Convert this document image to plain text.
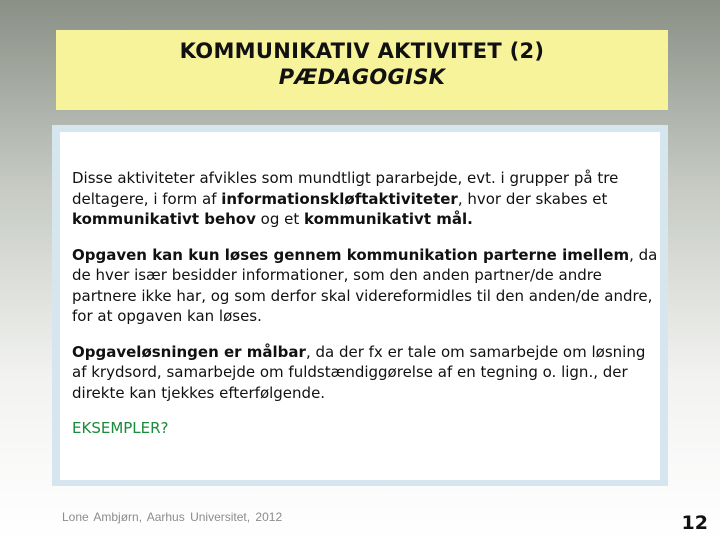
KOMMUNIKATIV AKTIVITET (2)
PÆDAGOGISK

Disse aktiviteter afvikles som mundtligt pararbejde, evt. i grupper på tre deltagere, i form af informationskløftaktiviteter, hvor der skabes et kommunikativt behov og et kommunikativt mål.

Opgaven kan kun løses gennem kommunikation parterne imellem, da de hver især besidder informationer, som den anden partner/de andre partnere ikke har, og som derfor skal videreformidles til den anden/de andre, for at opgaven kan løses.

Opgaveløsningen er målbar, da der fx er tale om samarbejde om løsning af krydsord, samarbejde om fuldstændiggørelse af en tegning o. lign., der direkte kan tjekkes efterfølgende.

EKSEMPLER?

Lone Ambjørn, Aarhus Universitet, 2012	12
